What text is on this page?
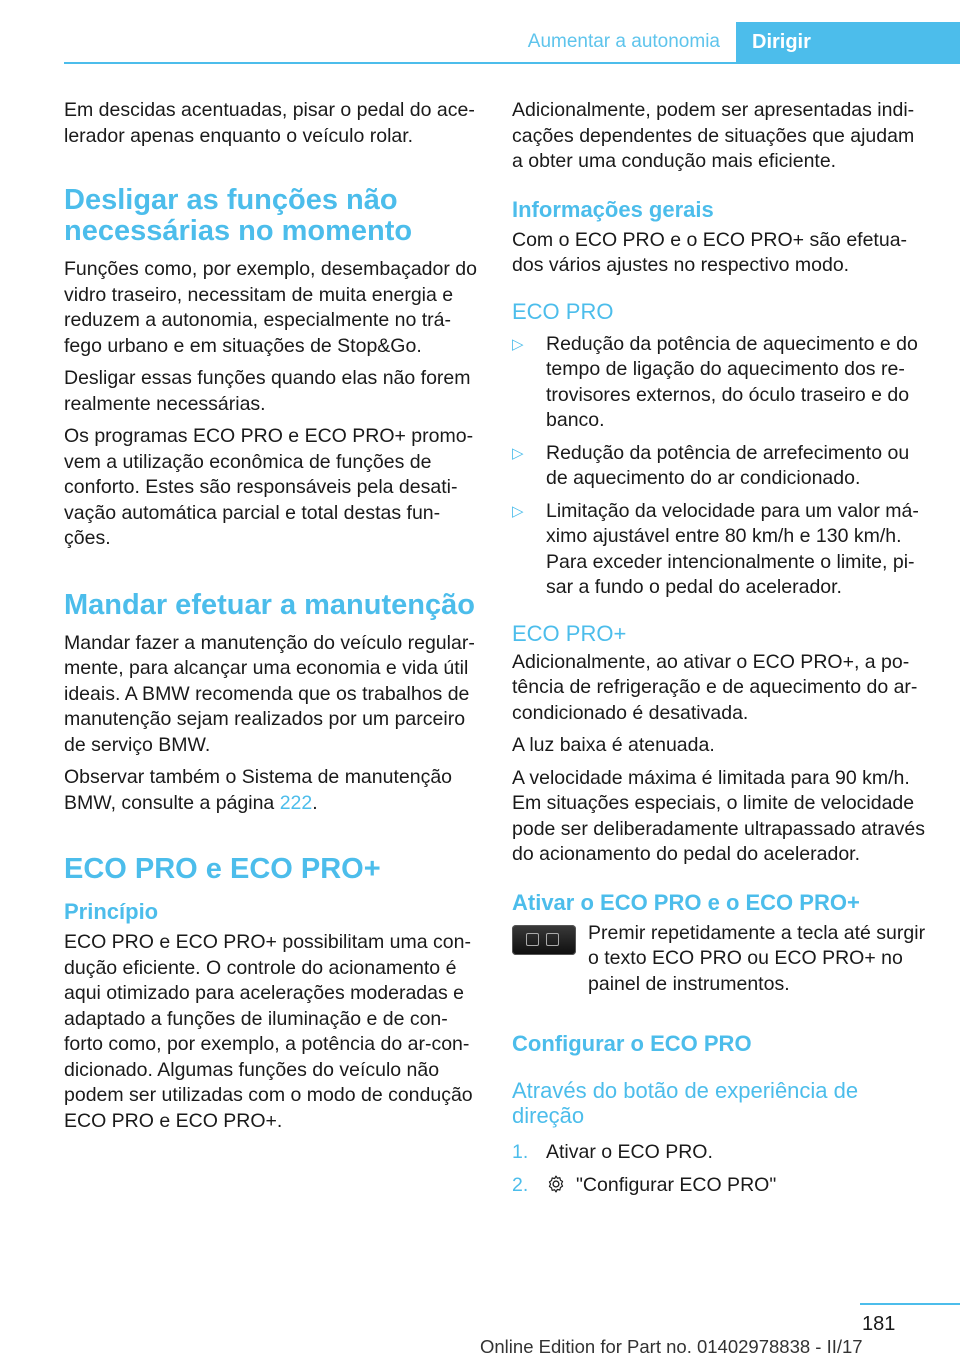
Aumentar a autonomia	Dirigir

Em descidas acentuadas, pisar o pedal do acelerador apenas enquanto o veículo rolar.

Desligar as funções não necessárias no momento

Funções como, por exemplo, desembaçador do vidro traseiro, necessitam de muita energia e reduzem a autonomia, especialmente no tráfego urbano e em situações de Stop&Go.

Desligar essas funções quando elas não forem realmente necessárias.

Os programas ECO PRO e ECO PRO+ promovem a utilização econômica de funções de conforto. Estes são responsáveis pela desativação automática parcial e total destas funções.

Mandar efetuar a manutenção

Mandar fazer a manutenção do veículo regularmente, para alcançar uma economia e vida útil ideais. A BMW recomenda que os trabalhos de manutenção sejam realizados por um parceiro de serviço BMW.

Observar também o Sistema de manutenção BMW, consulte a página 222.

ECO PRO e ECO PRO+
Princípio

ECO PRO e ECO PRO+ possibilitam uma condução eficiente. O controle do acionamento é aqui otimizado para acelerações moderadas e adaptado a funções de iluminação e de conforto como, por exemplo, a potência do ar-condicionado. Algumas funções do veículo não podem ser utilizadas com o modo de condução ECO PRO e ECO PRO+.

Adicionalmente, podem ser apresentadas indicações dependentes de situações que ajudam a obter uma condução mais eficiente.

Informações gerais

Com o ECO PRO e o ECO PRO+ são efetuados vários ajustes no respectivo modo.

ECO PRO
▷ Redução da potência de aquecimento e do tempo de ligação do aquecimento dos retrovisores externos, do óculo traseiro e do banco.
▷ Redução da potência de arrefecimento ou de aquecimento do ar condicionado.
▷ Limitação da velocidade para um valor máximo ajustável entre 80 km/h e 130 km/h. Para exceder intencionalmente o limite, pisar a fundo o pedal do acelerador.
ECO PRO+

Adicionalmente, ao ativar o ECO PRO+, a potência de refrigeração e de aquecimento do ar-condicionado é desativada.

A luz baixa é atenuada.

A velocidade máxima é limitada para 90 km/h. Em situações especiais, o limite de velocidade pode ser deliberadamente ultrapassado através do acionamento do pedal do acelerador.

Ativar o ECO PRO e o ECO PRO+

Premir repetidamente a tecla até surgir o texto ECO PRO ou ECO PRO+ no painel de instrumentos.

Configurar o ECO PRO
Através do botão de experiência de direção
1. Ativar o ECO PRO.
2. "Configurar ECO PRO"
181
Online Edition for Part no. 01402978838 - II/17
